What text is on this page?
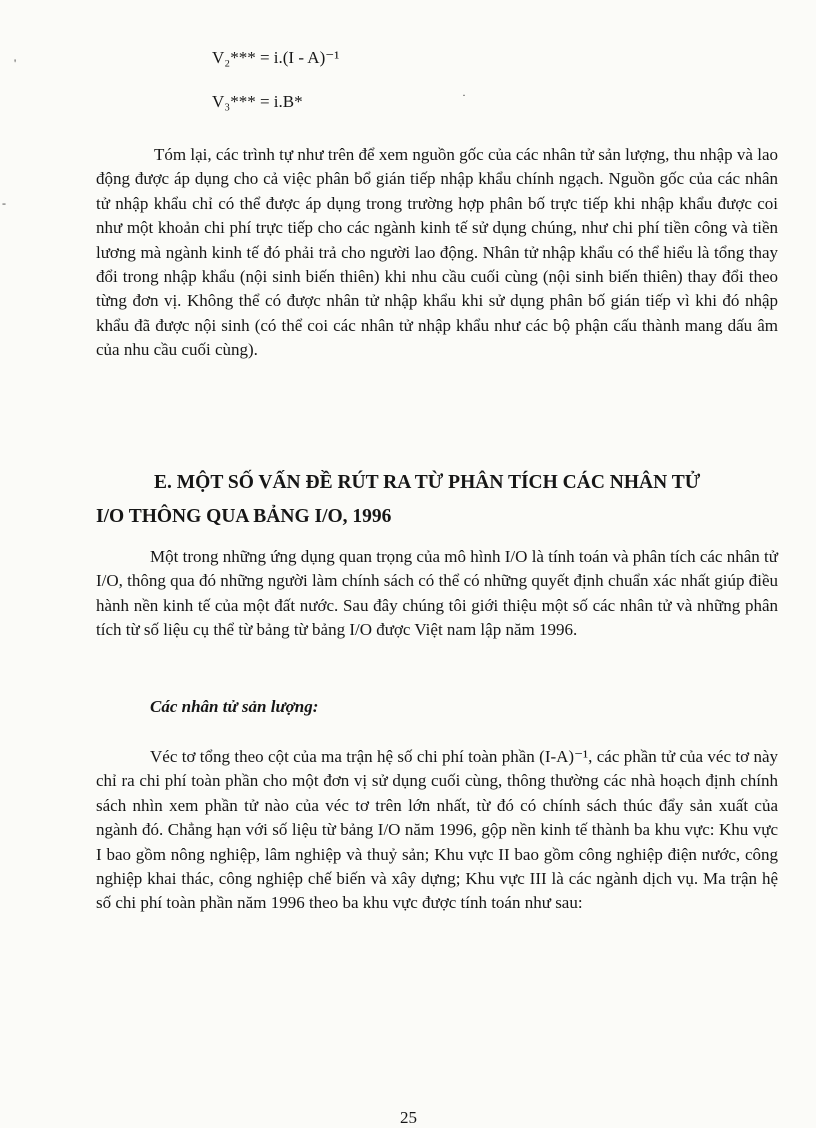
V₂*** = i.(I - A)⁻¹
V₃*** = i.B*

Tóm lại, các trình tự như trên để xem nguồn gốc của các nhân tử sản lượng, thu nhập và lao động được áp dụng cho cả việc phân bổ gián tiếp nhập khẩu chính ngạch. Nguồn gốc của các nhân tử nhập khẩu chỉ có thể được áp dụng trong trường hợp phân bố trực tiếp khi nhập khẩu được coi như một khoản chi phí trực tiếp cho các ngành kinh tế sử dụng chúng, như chi phí tiền công và tiền lương mà ngành kinh tế đó phải trả cho người lao động. Nhân tử nhập khẩu có thể hiểu là tổng thay đổi trong nhập khẩu (nội sinh biến thiên) khi nhu cầu cuối cùng (nội sinh biến thiên) thay đổi theo từng đơn vị. Không thể có được nhân tử nhập khẩu khi sử dụng phân bố gián tiếp vì khi đó nhập khẩu đã được nội sinh (có thể coi các nhân tử nhập khẩu như các bộ phận cấu thành mang dấu âm của nhu cầu cuối cùng).

E. MỘT SỐ VẤN ĐỀ RÚT RA TỪ PHÂN TÍCH CÁC NHÂN TỬ
I/O THÔNG QUA BẢNG I/O, 1996

Một trong những ứng dụng quan trọng của mô hình I/O là tính toán và phân tích các nhân tử I/O, thông qua đó những người làm chính sách có thể có những quyết định chuẩn xác nhất giúp điều hành nền kinh tế của một đất nước. Sau đây chúng tôi giới thiệu một số các nhân tử và những phân tích từ số liệu cụ thể từ bảng từ bảng I/O được Việt nam lập năm 1996.

Các nhân tử sản lượng:

Véc tơ tổng theo cột của ma trận hệ số chi phí toàn phần (I-A)⁻¹, các phần tử của véc tơ này chỉ ra chi phí toàn phần cho một đơn vị sử dụng cuối cùng, thông thường các nhà hoạch định chính sách nhìn xem phần tử nào của véc tơ trên lớn nhất, từ đó có chính sách thúc đẩy sản xuất của ngành đó. Chẳng hạn với số liệu từ bảng I/O năm 1996, gộp nền kinh tế thành ba khu vực: Khu vực I bao gồm nông nghiệp, lâm nghiệp và thuỷ sản; Khu vực II bao gồm công nghiệp điện nước, công nghiệp khai thác, công nghiệp chế biến và xây dựng; Khu vực III là các ngành dịch vụ. Ma trận hệ số chi phí toàn phần năm 1996 theo ba khu vực được tính toán như sau:

25
'
-
·
